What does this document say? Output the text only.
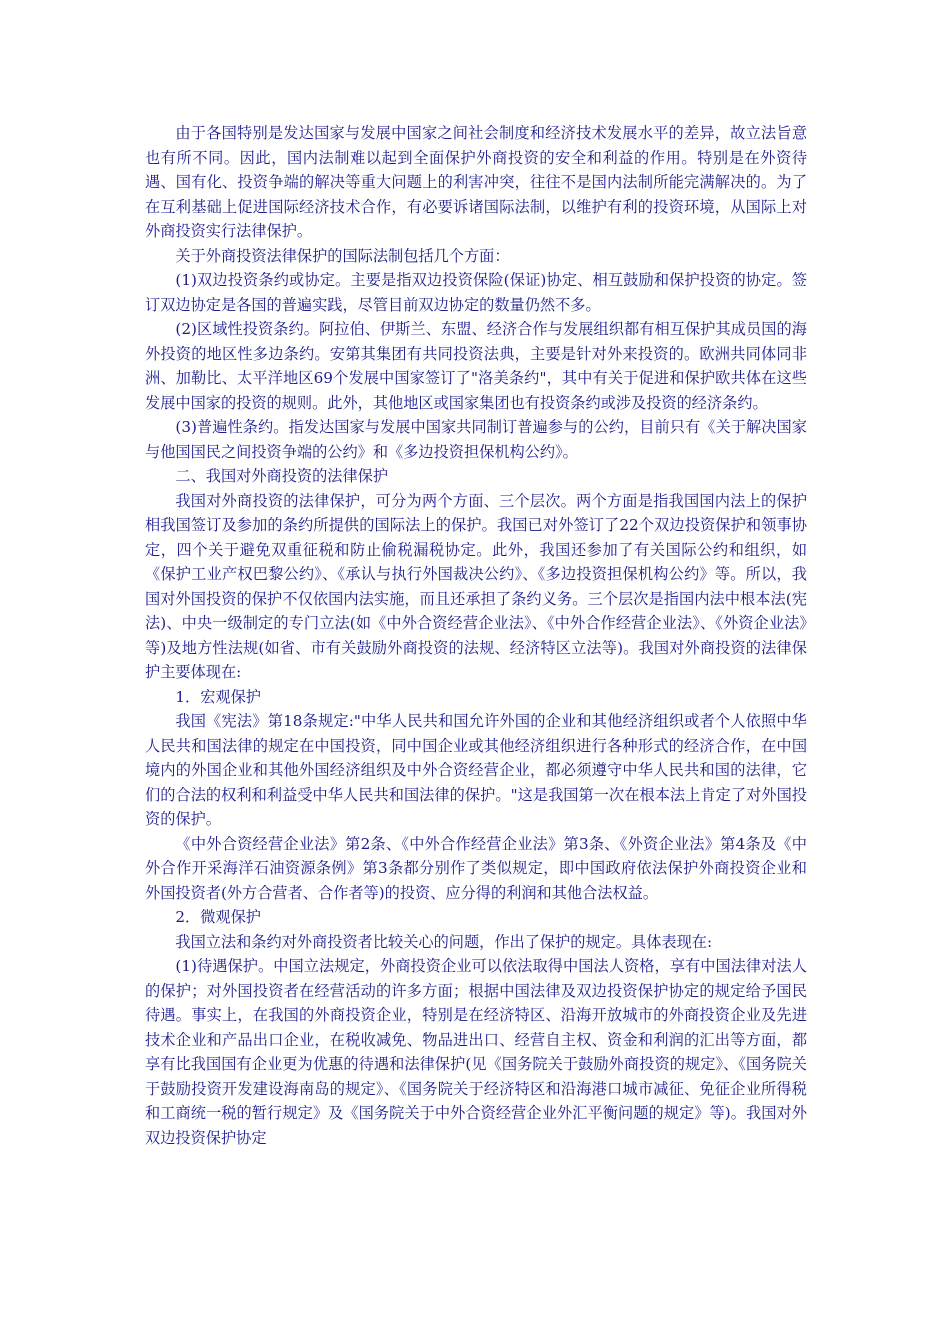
由于各国特别是发达国家与发展中国家之间社会制度和经济技术发展水平的差异，故立法旨意也有所不同。因此，国内法制难以起到全面保护外商投资的安全和利益的作用。特别是在外资待遇、国有化、投资争端的解决等重大问题上的利害冲突，往往不是国内法制所能完满解决的。为了在互利基础上促进国际经济技术合作，有必要诉诸国际法制，以维护有利的投资环境，从国际上对外商投资实行法律保护。

关于外商投资法律保护的国际法制包括几个方面：

(1)双边投资条约或协定。主要是指双边投资保险(保证)协定、相互鼓励和保护投资的协定。签订双边协定是各国的普遍实践，尽管目前双边协定的数量仍然不多。

(2)区域性投资条约。阿拉伯、伊斯兰、东盟、经济合作与发展组织都有相互保护其成员国的海外投资的地区性多边条约。安第其集团有共同投资法典，主要是针对外来投资的。欧洲共同体同非洲、加勒比、太平洋地区69个发展中国家签订了"洛美条约"，其中有关于促进和保护欧共体在这些发展中国家的投资的规则。此外，其他地区或国家集团也有投资条约或涉及投资的经济条约。

(3)普遍性条约。指发达国家与发展中国家共同制订普遍参与的公约，目前只有《关于解决国家与他国国民之间投资争端的公约》和《多边投资担保机构公约》。

二、我国对外商投资的法律保护

我国对外商投资的法律保护，可分为两个方面、三个层次。两个方面是指我国国内法上的保护相我国签订及参加的条约所提供的国际法上的保护。我国已对外签订了22个双边投资保护和领事协定，四个关于避免双重征税和防止偷税漏税协定。此外，我国还参加了有关国际公约和组织，如《保护工业产权巴黎公约》、《承认与执行外国裁决公约》、《多边投资担保机构公约》等。所以，我国对外国投资的保护不仅依国内法实施，而且还承担了条约义务。三个层次是指国内法中根本法(宪法)、中央一级制定的专门立法(如《中外合资经营企业法》、《中外合作经营企业法》、《外资企业法》等)及地方性法规(如省、市有关鼓励外商投资的法规、经济特区立法等)。我国对外商投资的法律保护主要体现在:

1．宏观保护

我国《宪法》第18条规定:"中华人民共和国允许外国的企业和其他经济组织或者个人依照中华人民共和国法律的规定在中国投资，同中国企业或其他经济组织进行各种形式的经济合作，在中国境内的外国企业和其他外国经济组织及中外合资经营企业，都必须遵守中华人民共和国的法律，它们的合法的权利和利益受中华人民共和国法律的保护。"这是我国第一次在根本法上肯定了对外国投资的保护。

《中外合资经营企业法》第2条、《中外合作经营企业法》第3条、《外资企业法》第4条及《中外合作开采海洋石油资源条例》第3条都分别作了类似规定，即中国政府依法保护外商投资企业和外国投资者(外方合营者、合作者等)的投资、应分得的利润和其他合法权益。

2．微观保护

我国立法和条约对外商投资者比较关心的问题，作出了保护的规定。具体表现在:

(1)待遇保护。中国立法规定，外商投资企业可以依法取得中国法人资格，享有中国法律对法人的保护；对外国投资者在经营活动的许多方面；根据中国法律及双边投资保护协定的规定给予国民待遇。事实上，在我国的外商投资企业，特别是在经济特区、沿海开放城市的外商投资企业及先进技术企业和产品出口企业，在税收减免、物品进出口、经营自主权、资金和利润的汇出等方面，都享有比我国国有企业更为优惠的待遇和法律保护(见《国务院关于鼓励外商投资的规定》、《国务院关于鼓励投资开发建设海南岛的规定》、《国务院关于经济特区和沿海港口城市减征、免征企业所得税和工商统一税的暂行规定》及《国务院关于中外合资经营企业外汇平衡问题的规定》等)。我国对外双边投资保护协定
